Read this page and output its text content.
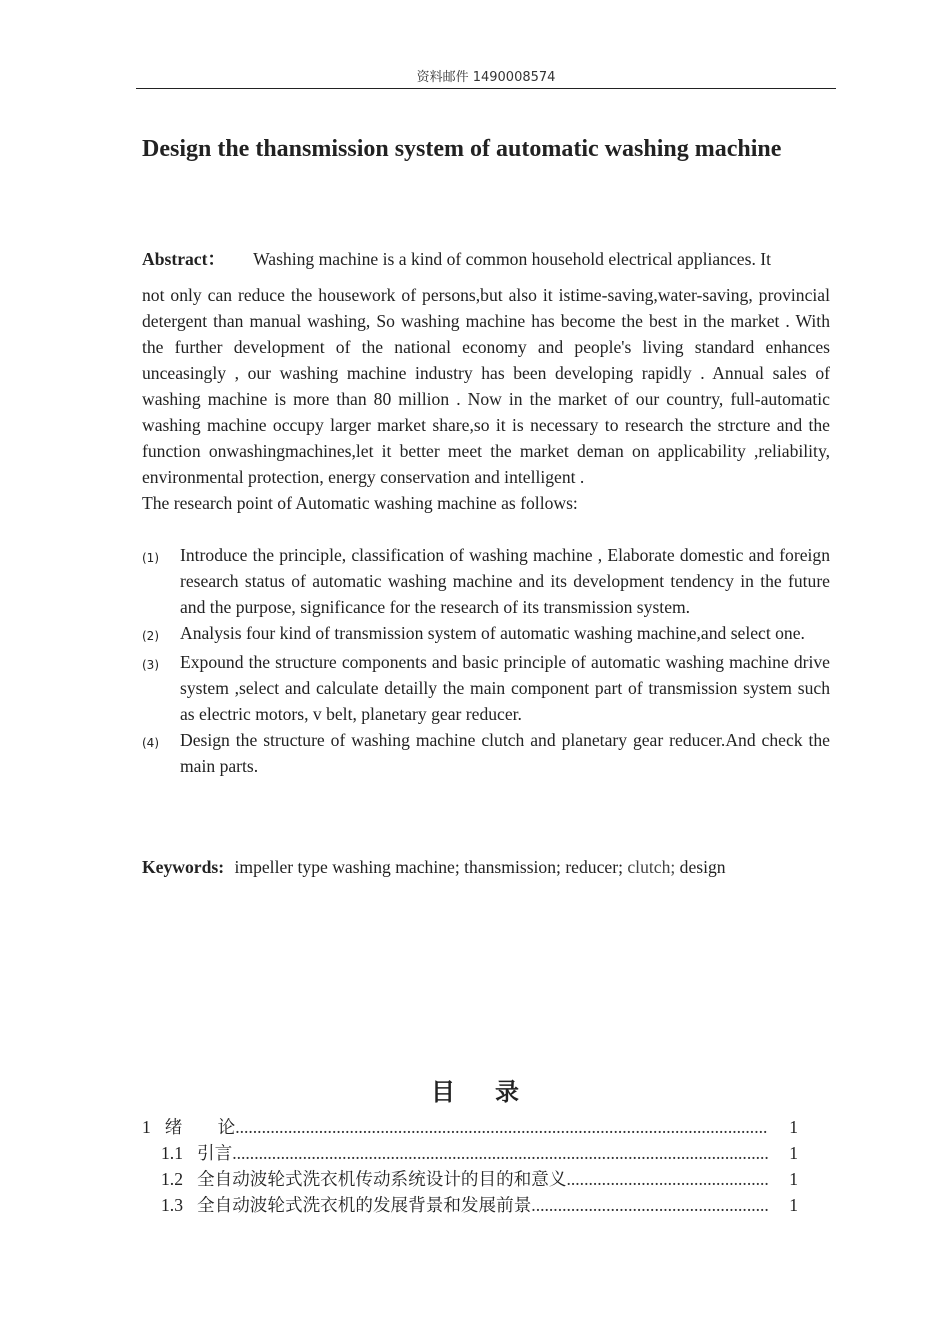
资料邮件 1490008574
Design the thansmission system of automatic washing machine
Abstract： Washing machine is a kind of common household electrical appliances. It

not only can reduce the housework of persons,but also it istime-saving,water-saving, provincial detergent than manual washing, So washing machine has become the best in the market . With the further development of the national economy and people's living standard enhances unceasingly , our washing machine industry has been developing rapidly . Annual sales of washing machine is more than 80 million . Now in the market of our country, full-automatic washing machine occupy larger market share,so it is necessary to research the strcture and the function onwashingmachines,let it better meet the market deman on applicability ,reliability, environmental protection, energy conservation and intelligent .

The research point of Automatic washing machine as follows:

(1)	Introduce the principle, classification of washing machine , Elaborate domestic and foreign research status of automatic washing machine and its development tendency in the future and the purpose, significance for the research of its transmission system.
(2)	Analysis four kind of transmission system of automatic washing machine,and select one.
(3)	Expound the structure components and basic principle of automatic washing machine drive system ,select and calculate detailly the main component part of transmission system such as electric motors, v belt, planetary gear reducer.
(4)	Design the structure of washing machine clutch and planetary gear reducer.And check the main parts.
Keywords: impeller type washing machine; thansmission; reducer; clutch; design
目 录
1 绪　　论 .....	1
1.1 引言 .....	1
1.2 全自动波轮式洗衣机传动系统设计的目的和意义 .....	1
1.3 全自动波轮式洗衣机的发展背景和发展前景 .....	1
